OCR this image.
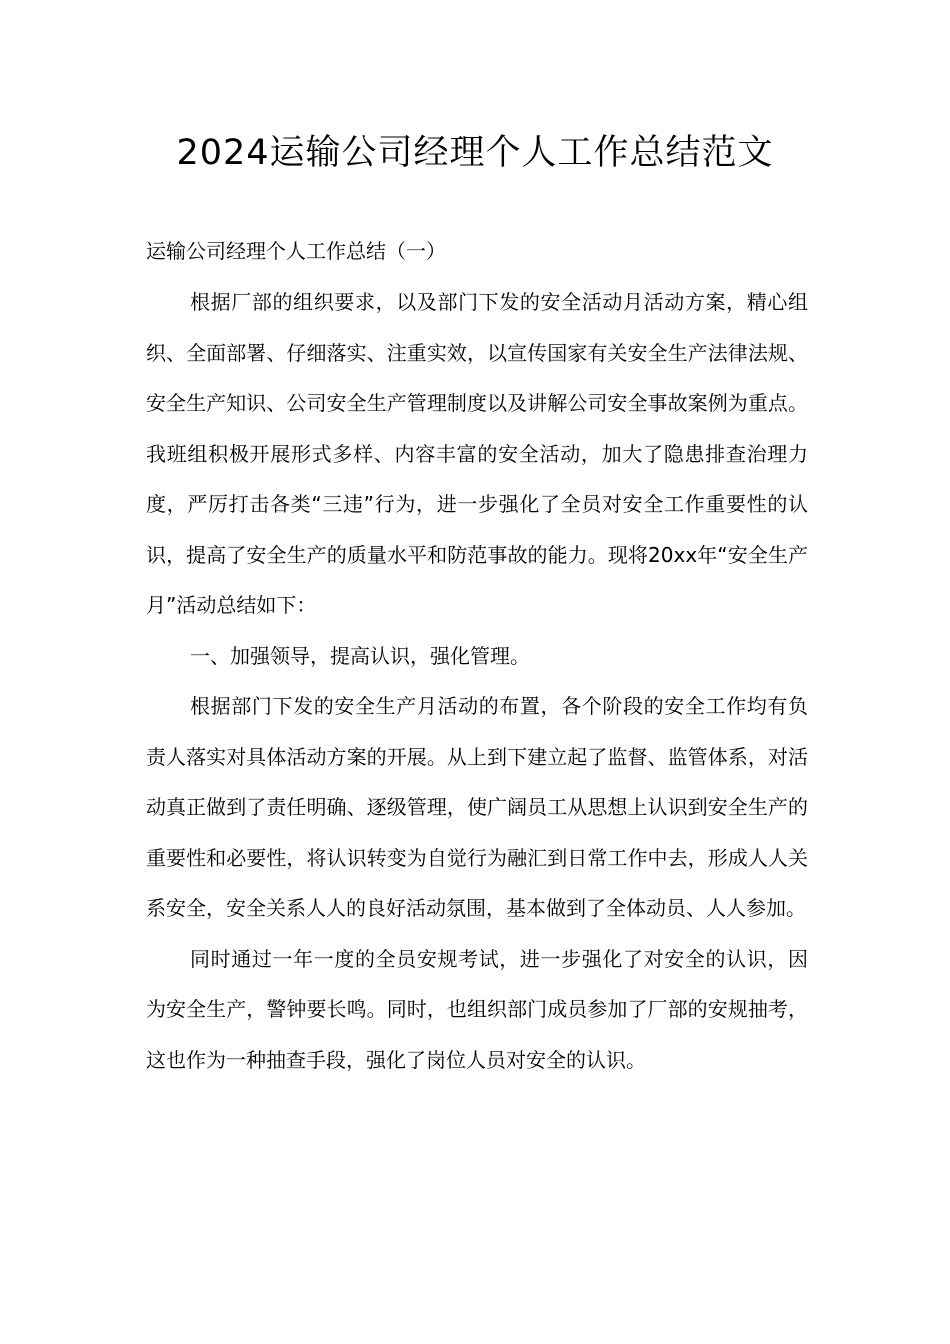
2024运输公司经理个人工作总结范文

运输公司经理个人工作总结（一）

根据厂部的组织要求，以及部门下发的安全活动月活动方案，精心组织、全面部署、仔细落实、注重实效，以宣传国家有关安全生产法律法规、安全生产知识、公司安全生产管理制度以及讲解公司安全事故案例为重点。我班组积极开展形式多样、内容丰富的安全活动，加大了隐患排查治理力度，严厉打击各类“三违”行为，进一步强化了全员对安全工作重要性的认识，提高了安全生产的质量水平和防范事故的能力。现将20xx年“安全生产月”活动总结如下：

一、加强领导，提高认识，强化管理。

根据部门下发的安全生产月活动的布置，各个阶段的安全工作均有负责人落实对具体活动方案的开展。从上到下建立起了监督、监管体系，对活动真正做到了责任明确、逐级管理，使广阔员工从思想上认识到安全生产的重要性和必要性，将认识转变为自觉行为融汇到日常工作中去，形成人人关系安全，安全关系人人的良好活动氛围，基本做到了全体动员、人人参加。

同时通过一年一度的全员安规考试，进一步强化了对安全的认识，因为安全生产，警钟要长鸣。同时，也组织部门成员参加了厂部的安规抽考，这也作为一种抽查手段，强化了岗位人员对安全的认识。
